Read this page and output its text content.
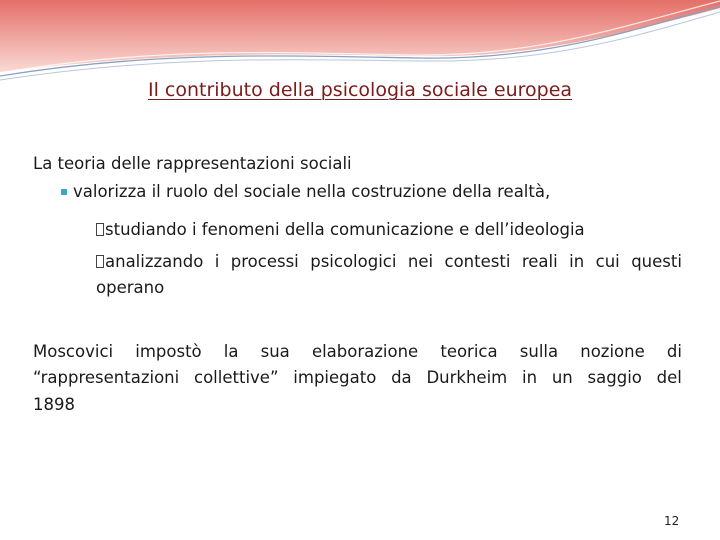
Il contributo della psicologia sociale europea
La teoria delle rappresentazioni sociali
valorizza il ruolo del sociale nella costruzione della realtà,
studiando i fenomeni della comunicazione e dell’ideologia
analizzando i processi psicologici nei contesti reali in cui questi
operano
Moscovici impostò la sua elaborazione teorica sulla nozione di
“rappresentazioni collettive” impiegato da Durkheim in un saggio del
1898
12
